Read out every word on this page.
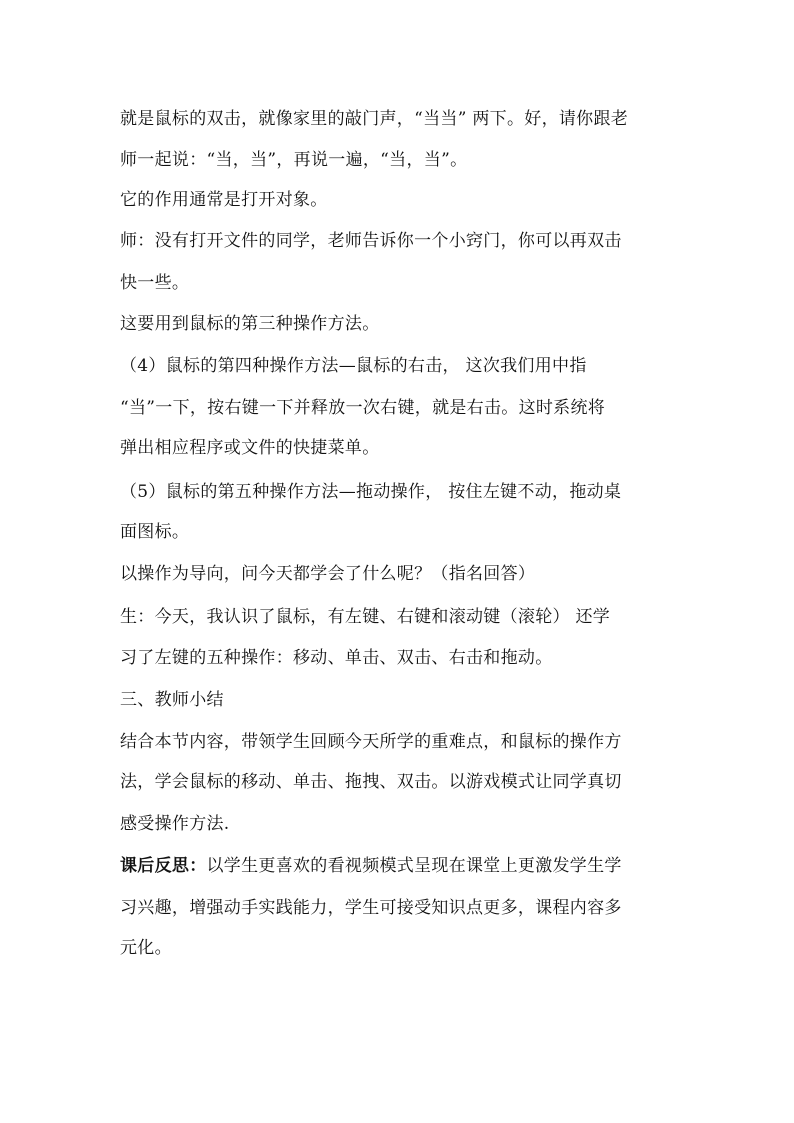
就是鼠标的双击，就像家里的敲门声，“当当” 两下。好，请你跟老
师一起说：“当，当”，再说一遍，“当，当”。
它的作用通常是打开对象。
师：没有打开文件的同学，老师告诉你一个小窍门，你可以再双击
快一些。
这要用到鼠标的第三种操作方法。
（4）鼠标的第四种操作方法—鼠标的右击， 这次我们用中指
“当”一下，按右键一下并释放一次右键，就是右击。这时系统将
弹出相应程序或文件的快捷菜单。
（5）鼠标的第五种操作方法—拖动操作， 按住左键不动，拖动桌
面图标。
以操作为导向，问今天都学会了什么呢？（指名回答）
生：今天，我认识了鼠标，有左键、右键和滚动键（滚轮） 还学
习了左键的五种操作：移动、单击、双击、右击和拖动。
三、教师小结
结合本节内容，带领学生回顾今天所学的重难点，和鼠标的操作方
法，学会鼠标的移动、单击、拖拽、双击。以游戏模式让同学真切
感受操作方法.
课后反思：以学生更喜欢的看视频模式呈现在课堂上更激发学生学
习兴趣，增强动手实践能力，学生可接受知识点更多，课程内容多
元化。
